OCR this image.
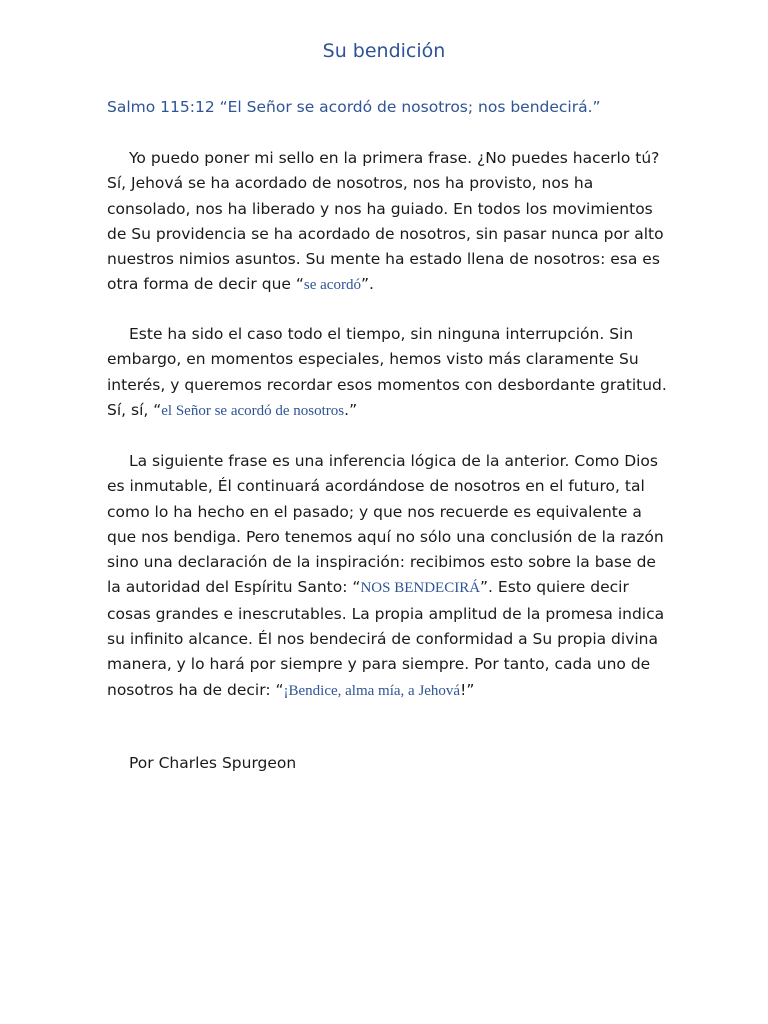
Su bendición

Salmo 115:12 “El Señor se acordó de nosotros; nos bendecirá.”

Yo puedo poner mi sello en la primera frase. ¿No puedes hacerlo tú? Sí, Jehová se ha acordado de nosotros, nos ha provisto, nos ha consolado, nos ha liberado y nos ha guiado. En todos los movimientos de Su providencia se ha acordado de nosotros, sin pasar nunca por alto nuestros nimios asuntos. Su mente ha estado llena de nosotros: esa es otra forma de decir que “se acordó”.

Este ha sido el caso todo el tiempo, sin ninguna interrupción. Sin embargo, en momentos especiales, hemos visto más claramente Su interés, y queremos recordar esos momentos con desbordante gratitud. Sí, sí, “el Señor se acordó de nosotros.”

La siguiente frase es una inferencia lógica de la anterior. Como Dios es inmutable, Él continuará acordándose de nosotros en el futuro, tal como lo ha hecho en el pasado; y que nos recuerde es equivalente a que nos bendiga. Pero tenemos aquí no sólo una conclusión de la razón sino una declaración de la inspiración: recibimos esto sobre la base de la autoridad del Espíritu Santo: “NOS BENDECIRÁ”. Esto quiere decir cosas grandes e inescrutables. La propia amplitud de la promesa indica su infinito alcance. Él nos bendecirá de conformidad a Su propia divina manera, y lo hará por siempre y para siempre. Por tanto, cada uno de nosotros ha de decir: “¡Bendice, alma mía, a Jehová!”

Por Charles Spurgeon
